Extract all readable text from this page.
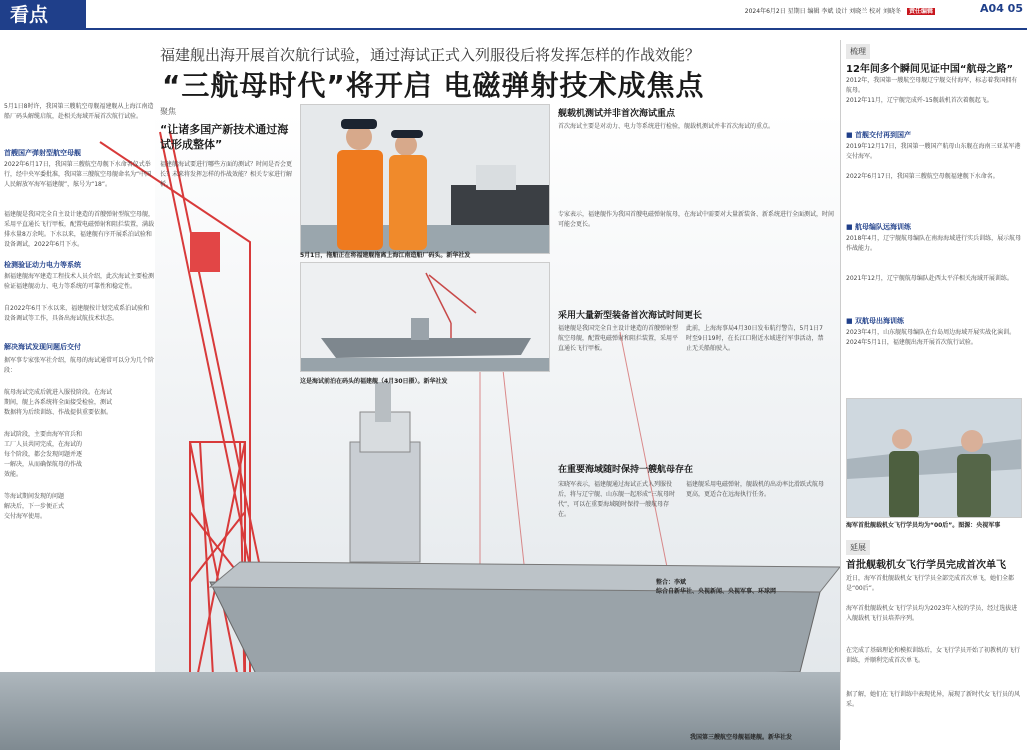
看点	2024年6月2日 星期日 编辑 李斌 设计 刘晓兰 校对 刘晓冬 责任编辑	A04 05
福建舰出海开展首次航行试验，通过海试正式入列服役后将发挥怎样的作战效能？
“三航母时代”将开启 电磁弹射技术成焦点
5月1日8时许，我国第三艘航空母舰福建舰从上海江南造船厂码头解缆启航，赴相关海域开展首次航行试验。
首艘国产弹射型航空母舰
2022年6月17日，我国第三艘航空母舰下水命名仪式举行，经中央军委批准，我国第三艘航空母舰命名为“中国人民解放军海军福建舰”，舷号为“18”。
福建舰是我国完全自主设计建造的首艘弹射型航空母舰，采用平直通长飞行甲板，配置电磁弹射和阻拦装置，满载排水量8万余吨。下水以来，福建舰有序开展系泊试验和设备调试，2022年6月下水。
检测验证动力电力等系统
据福建舰海军建造工程技术人员介绍，此次海试主要检测验证福建舰动力、电力等系统的可靠性和稳定性。
自2022年6月下水以来，福建舰按计划完成系泊试验和设备调试等工作，具备出海试航技术状态。
解决海试发现问题后交付
据军事专家张军社介绍，航母的海试通常可以分为几个阶段：
航母海试完成后就进入服役阶段。在海试期间，舰上各系统将全面接受检验，测试数据将为后续训练、作战提供重要依据。
海试阶段，主要由海军官兵和工厂人员共同完成，在海试的每个阶段，都会发现问题并逐一解决，从而确保航母的作战效能。
等海试期间发现的问题解决后，下一步便正式交付海军使用。
聚焦
“让诸多国产新技术通过海试形成整体”
福建舰海试要进行哪些方面的测试？时间是否会更长？未来将发挥怎样的作战效能？相关专家进行解析。
5月1日，拖船正在将福建舰拖离上海江南造船厂码头。新华社发
这是海试前泊在码头的福建舰（4月30日摄）。新华社发
舰载机测试并非首次海试重点
首次海试主要是对动力、电力等系统进行检验，舰载机测试并非首次海试的重点。
专家表示，福建舰作为我国首艘电磁弹射航母，在海试中需要对大量新装备、新系统进行全面测试，时间可能会更长。
采用大量新型装备首次海试时间更长
福建舰是我国完全自主设计建造的首艘弹射型航空母舰，配置电磁弹射和阻拦装置，采用平直通长飞行甲板。
此前，上海海事局4月30日发布航行警告，5月1日7时至9日19时，在长江口附近水域进行军事活动，禁止无关船舶驶入。
在重要海域随时保持一艘航母存在
宋晓军表示，福建舰通过海试正式入列服役后，将与辽宁舰、山东舰一起形成“三航母时代”，可以在重要海域随时保持一艘航母存在。
福建舰采用电磁弹射，舰载机的出动率比滑跃式航母更高，更适合在远海执行任务。
整合：李斌
综合自新华社、央视新闻、央视军事、环球网
我国第三艘航空母舰福建舰。新华社发
梳理
12年间多个瞬间见证中国“航母之路”
2012年，我国第一艘航空母舰辽宁舰交付海军，标志着我国拥有航母。
2012年11月，辽宁舰完成歼-15舰载机首次着舰起飞。
■ 首舰交付再到国产
2019年12月17日，我国第一艘国产航母山东舰在海南三亚某军港交付海军。
2022年6月17日，我国第三艘航空母舰福建舰下水命名。
■ 航母编队远海训练
2018年4月，辽宁舰航母编队在南海海域进行实兵训练，展示航母作战能力。
2021年12月，辽宁舰航母编队赴西太平洋相关海域开展训练。
■ 双航母出海训练
2023年4月，山东舰航母编队在台岛周边海域开展实战化演训。2024年5月1日，福建舰出海开展首次航行试验。
海军首批舰载机女飞行学员均为“00后”。图源：央视军事
延展
首批舰载机女飞行学员完成首次单飞
近日，海军首批舰载机女飞行学员全部完成首次单飞，她们全都是“00后”。
海军首批舰载机女飞行学员均为2023年入校的学员，经过选拔进入舰载机飞行员培养序列。
在完成了基础理论和模拟训练后，女飞行学员开始了初教机的飞行训练，并顺利完成首次单飞。
据了解，她们在飞行训练中表现优异，展现了新时代女飞行员的风采。
